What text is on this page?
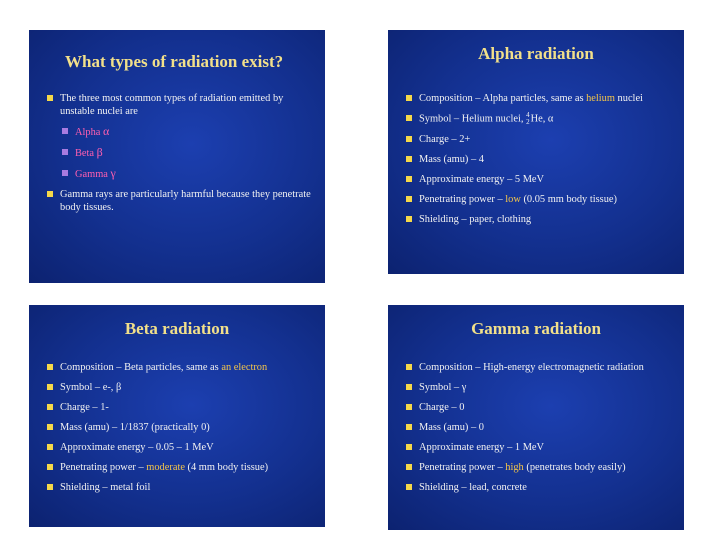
What types of radiation exist?
The three most common types of radiation emitted by unstable nuclei are
Alpha α
Beta β
Gamma γ
Gamma rays are particularly harmful because they penetrate body tissues.
Alpha radiation
Composition – Alpha particles, same as helium nuclei
Symbol – Helium nuclei, 4
2 He, α
Charge – 2+
Mass (amu) – 4
Approximate energy – 5 MeV
Penetrating power – low (0.05 mm body tissue)
Shielding – paper, clothing
Beta radiation
Composition – Beta particles, same as an electron
Symbol – e-, β
Charge – 1-
Mass (amu) – 1/1837 (practically 0)
Approximate energy – 0.05 – 1 MeV
Penetrating power – moderate (4 mm body tissue)
Shielding – metal foil
Gamma radiation
Composition – High-energy electromagnetic radiation
Symbol – γ
Charge – 0
Mass (amu) – 0
Approximate energy – 1 MeV
Penetrating power – high (penetrates body easily)
Shielding – lead, concrete
